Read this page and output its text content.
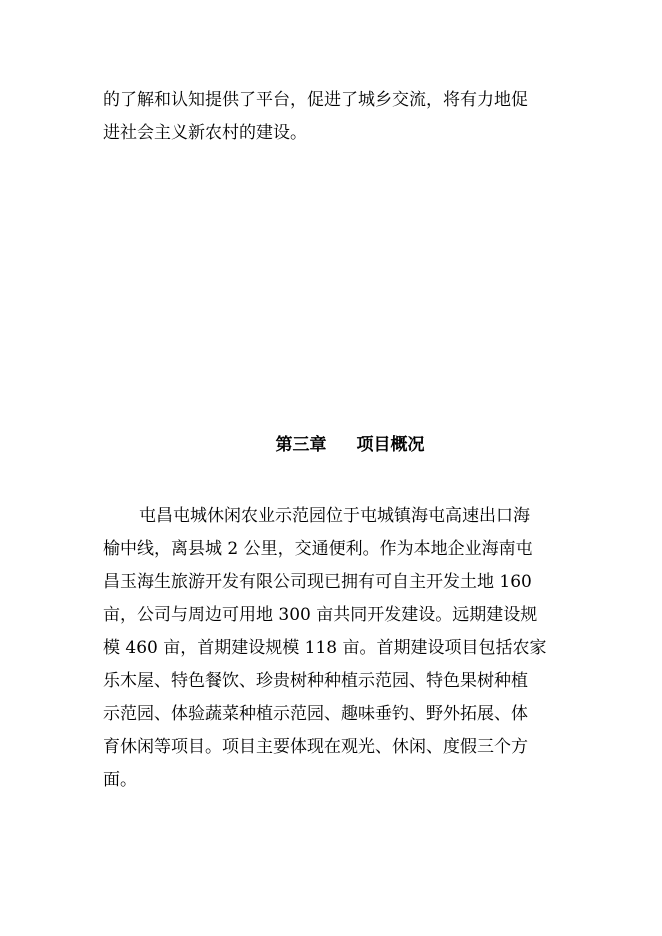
的了解和认知提供了平台，促进了城乡交流，将有力地促
进社会主义新农村的建设。

第三章 项目概况

屯昌屯城休闲农业示范园位于屯城镇海屯高速出口海
榆中线，离县城 2 公里，交通便利。作为本地企业海南屯
昌玉海生旅游开发有限公司现已拥有可自主开发土地 160
亩，公司与周边可用地 300 亩共同开发建设。远期建设规
模 460 亩，首期建设规模 118 亩。首期建设项目包括农家
乐木屋、特色餐饮、珍贵树种种植示范园、特色果树种植
示范园、体验蔬菜种植示范园、趣味垂钓、野外拓展、体
育休闲等项目。项目主要体现在观光、休闲、度假三个方
面。
